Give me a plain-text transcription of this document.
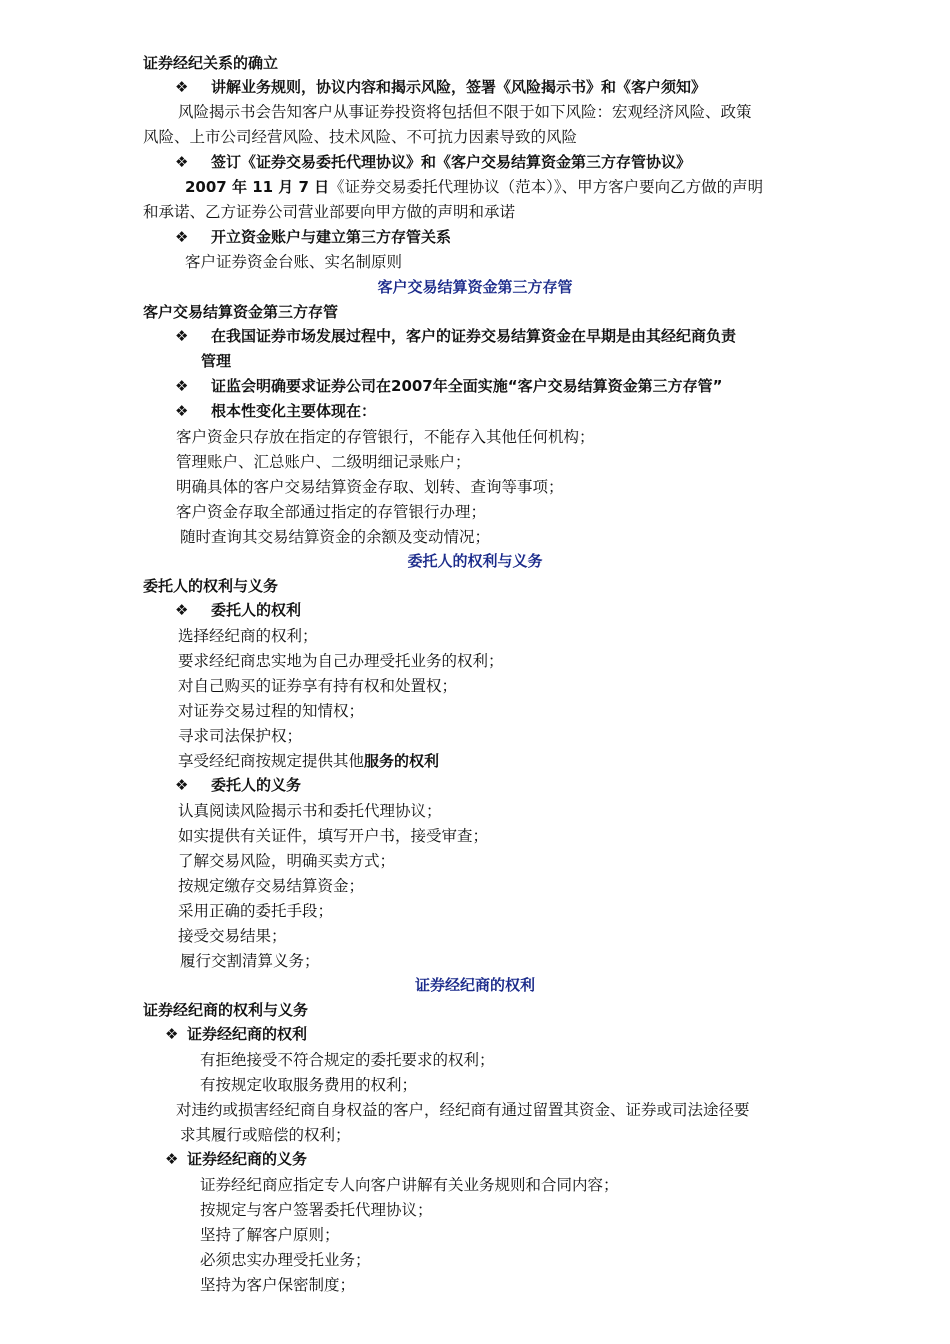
证券经纪关系的确立
❖ 讲解业务规则，协议内容和揭示风险，签署《风险揭示书》和《客户须知》
风险揭示书会告知客户从事证券投资将包括但不限于如下风险：宏观经济风险、政策
风险、上市公司经营风险、技术风险、不可抗力因素导致的风险
❖ 签订《证券交易委托代理协议》和《客户交易结算资金第三方存管协议》
2007 年 11 月 7 日《证券交易委托代理协议（范本）》、甲方客户要向乙方做的声明
和承诺、乙方证券公司营业部要向甲方做的声明和承诺
❖ 开立资金账户与建立第三方存管关系
客户证券资金台账、实名制原则
客户交易结算资金第三方存管
客户交易结算资金第三方存管
❖ 在我国证券市场发展过程中，客户的证券交易结算资金在早期是由其经纪商负责
管理
❖ 证监会明确要求证券公司在2007年全面实施“客户交易结算资金第三方存管”
❖ 根本性变化主要体现在：
客户资金只存放在指定的存管银行，不能存入其他任何机构；
管理账户、汇总账户、二级明细记录账户；
明确具体的客户交易结算资金存取、划转、查询等事项；
客户资金存取全部通过指定的存管银行办理；
随时查询其交易结算资金的余额及变动情况；
委托人的权利与义务
委托人的权利与义务
❖ 委托人的权利
选择经纪商的权利；
要求经纪商忠实地为自己办理受托业务的权利；
对自己购买的证券享有持有权和处置权；
对证券交易过程的知情权；
寻求司法保护权；
享受经纪商按规定提供其他服务的权利
❖ 委托人的义务
认真阅读风险揭示书和委托代理协议；
如实提供有关证件，填写开户书，接受审查；
了解交易风险，明确买卖方式；
按规定缴存交易结算资金；
采用正确的委托手段；
接受交易结果；
履行交割清算义务；
证券经纪商的权利
证券经纪商的权利与义务
❖ 证券经纪商的权利
有拒绝接受不符合规定的委托要求的权利；
有按规定收取服务费用的权利；
对违约或损害经纪商自身权益的客户，经纪商有通过留置其资金、证券或司法途径要
求其履行或赔偿的权利；
❖ 证券经纪商的义务
证券经纪商应指定专人向客户讲解有关业务规则和合同内容；
按规定与客户签署委托代理协议；
坚持了解客户原则；
必须忠实办理受托业务；
坚持为客户保密制度；
